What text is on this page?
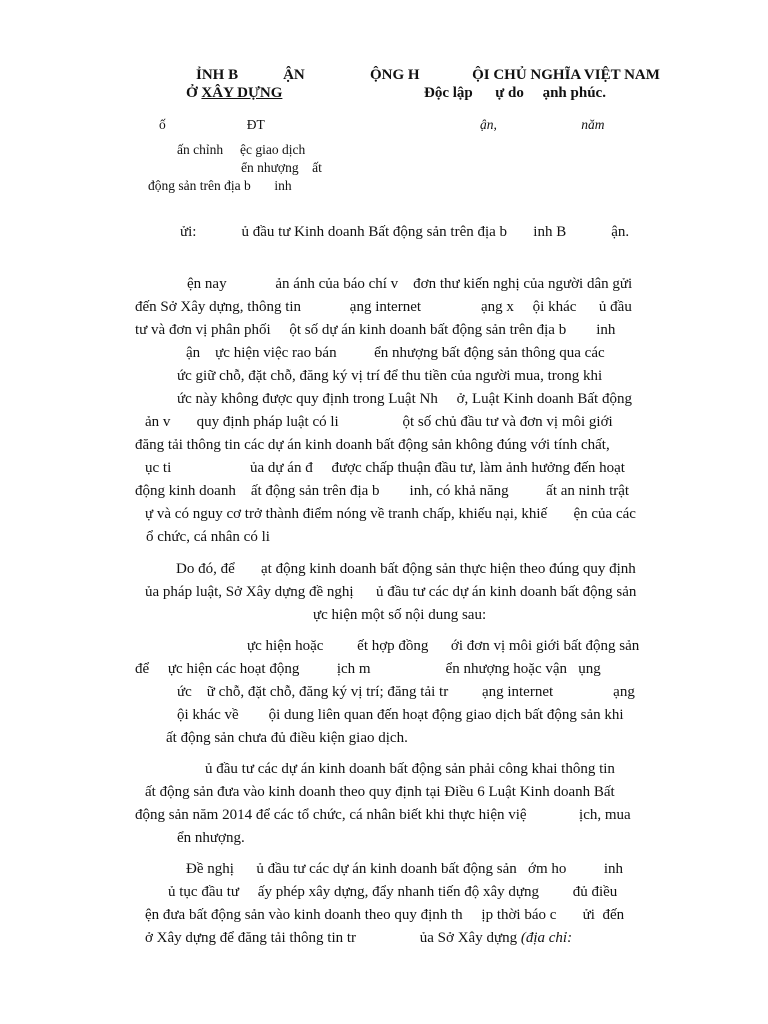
ỈNH B            ẬN
Ở XÂY DỰNG
ỘNG H              ỘI CHỦ NGHĨA VIỆT NAM
Độc lập      ự do     ạnh phúc.
ố                        ĐT	ận,                         năm
ấn chỉnh     ệc giao dịch
ển nhượng    ất
động sản trên địa b       inh
ửi:            ủ đầu tư Kinh doanh Bất động sản trên địa b       inh B            ận.
ện nay             ản ánh của báo chí v    đơn thư kiến nghị của người dân gửi
đến Sở Xây dựng, thông tin             ạng internet                ạng x     ội khác      ủ đầu
tư và đơn vị phân phối     ột số dự án kinh doanh bất động sản trên địa b        inh
ận    ực hiện việc rao bán          ển nhượng bất động sản thông qua các
ức giữ chỗ, đặt chỗ, đăng ký vị trí để thu tiền của người mua, trong khi
ức này không được quy định trong Luật Nh     ở, Luật Kinh doanh Bất động
ản v       quy định pháp luật có li                 ột số chủ đầu tư và đơn vị môi giới
đăng tải thông tin các dự án kinh doanh bất động sản không đúng với tính chất,
ục ti                     ủa dự án đ     được chấp thuận đầu tư, làm ảnh hưởng đến hoạt
động kinh doanh    ất động sản trên địa b        inh, có khả năng          ất an ninh trật
ự và có nguy cơ trở thành điểm nóng về tranh chấp, khiếu nại, khiế       ện của các
ổ chức, cá nhân có li
Do đó, để       ạt động kinh doanh bất động sản thực hiện theo đúng quy định
ủa pháp luật, Sở Xây dựng đề nghị      ủ đầu tư các dự án kinh doanh bất động sản
ực hiện một số nội dung sau:
ực hiện hoặc         ết hợp đồng      ới đơn vị môi giới bất động sản
để     ực hiện các hoạt động          ịch m                    ển nhượng hoặc vận   ụng
ức    ữ chỗ, đặt chỗ, đăng ký vị trí; đăng tải tr         ạng internet                ạng
ội khác về        ội dung liên quan đến hoạt động giao dịch bất động sản khi
ất động sản chưa đủ điều kiện giao dịch.
ủ đầu tư các dự án kinh doanh bất động sản phải công khai thông tin
ất động sản đưa vào kinh doanh theo quy định tại Điều 6 Luật Kinh doanh Bất
động sản năm 2014 để các tổ chức, cá nhân biết khi thực hiện việ              ịch, mua
ển nhượng.
Đề nghị      ủ đầu tư các dự án kinh doanh bất động sản   ớm ho          inh
ủ tục đầu tư     ấy phép xây dựng, đẩy nhanh tiến độ xây dựng         đủ điều
ện đưa bất động sản vào kinh doanh theo quy định th     ịp thời báo c       ửi  đến
ở Xây dựng để đăng tải thông tin tr                 ủa Sở Xây dựng (địa chỉ:
